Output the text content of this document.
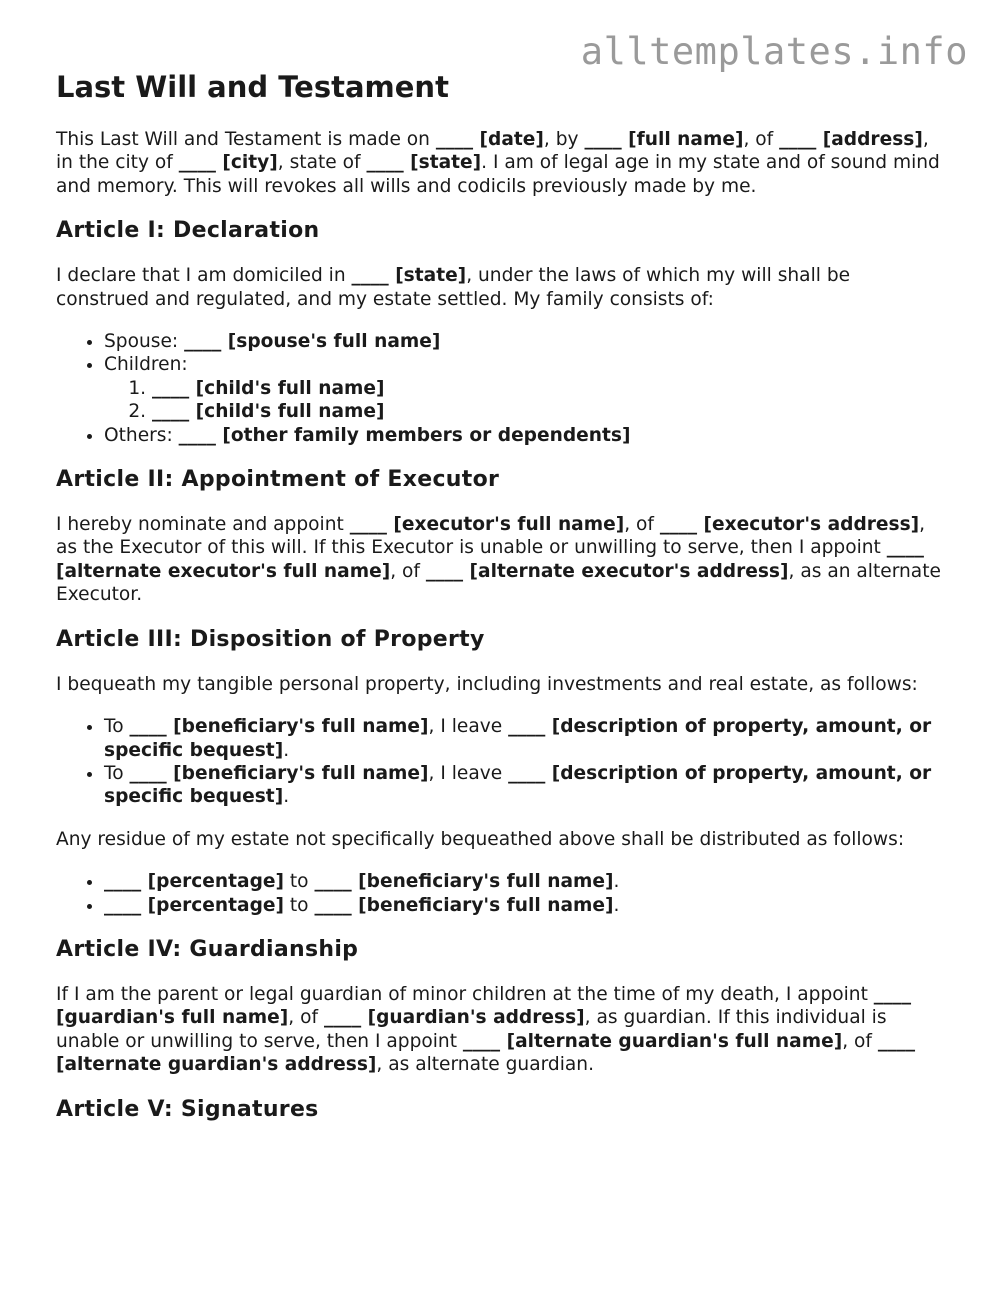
alltemplates.info
Last Will and Testament

This Last Will and Testament is made on ____ [date], by ____ [full name], of ____ [address], in the city of ____ [city], state of ____ [state]. I am of legal age in my state and of sound mind and memory. This will revokes all wills and codicils previously made by me.

Article I: Declaration

I declare that I am domiciled in ____ [state], under the laws of which my will shall be construed and regulated, and my estate settled. My family consists of:

• Spouse: ____ [spouse's full name]
• Children:
1. ____ [child's full name]
2. ____ [child's full name]
• Others: ____ [other family members or dependents]
Article II: Appointment of Executor

I hereby nominate and appoint ____ [executor's full name], of ____ [executor's address], as the Executor of this will. If this Executor is unable or unwilling to serve, then I appoint ____ [alternate executor's full name], of ____ [alternate executor's address], as an alternate Executor.

Article III: Disposition of Property

I bequeath my tangible personal property, including investments and real estate, as follows:

• To ____ [beneficiary's full name], I leave ____ [description of property, amount, or specific bequest].
• To ____ [beneficiary's full name], I leave ____ [description of property, amount, or specific bequest].

Any residue of my estate not specifically bequeathed above shall be distributed as follows:

• ____ [percentage] to ____ [beneficiary's full name].
• ____ [percentage] to ____ [beneficiary's full name].
Article IV: Guardianship

If I am the parent or legal guardian of minor children at the time of my death, I appoint ____ [guardian's full name], of ____ [guardian's address], as guardian. If this individual is unable or unwilling to serve, then I appoint ____ [alternate guardian's full name], of ____ [alternate guardian's address], as alternate guardian.

Article V: Signatures
